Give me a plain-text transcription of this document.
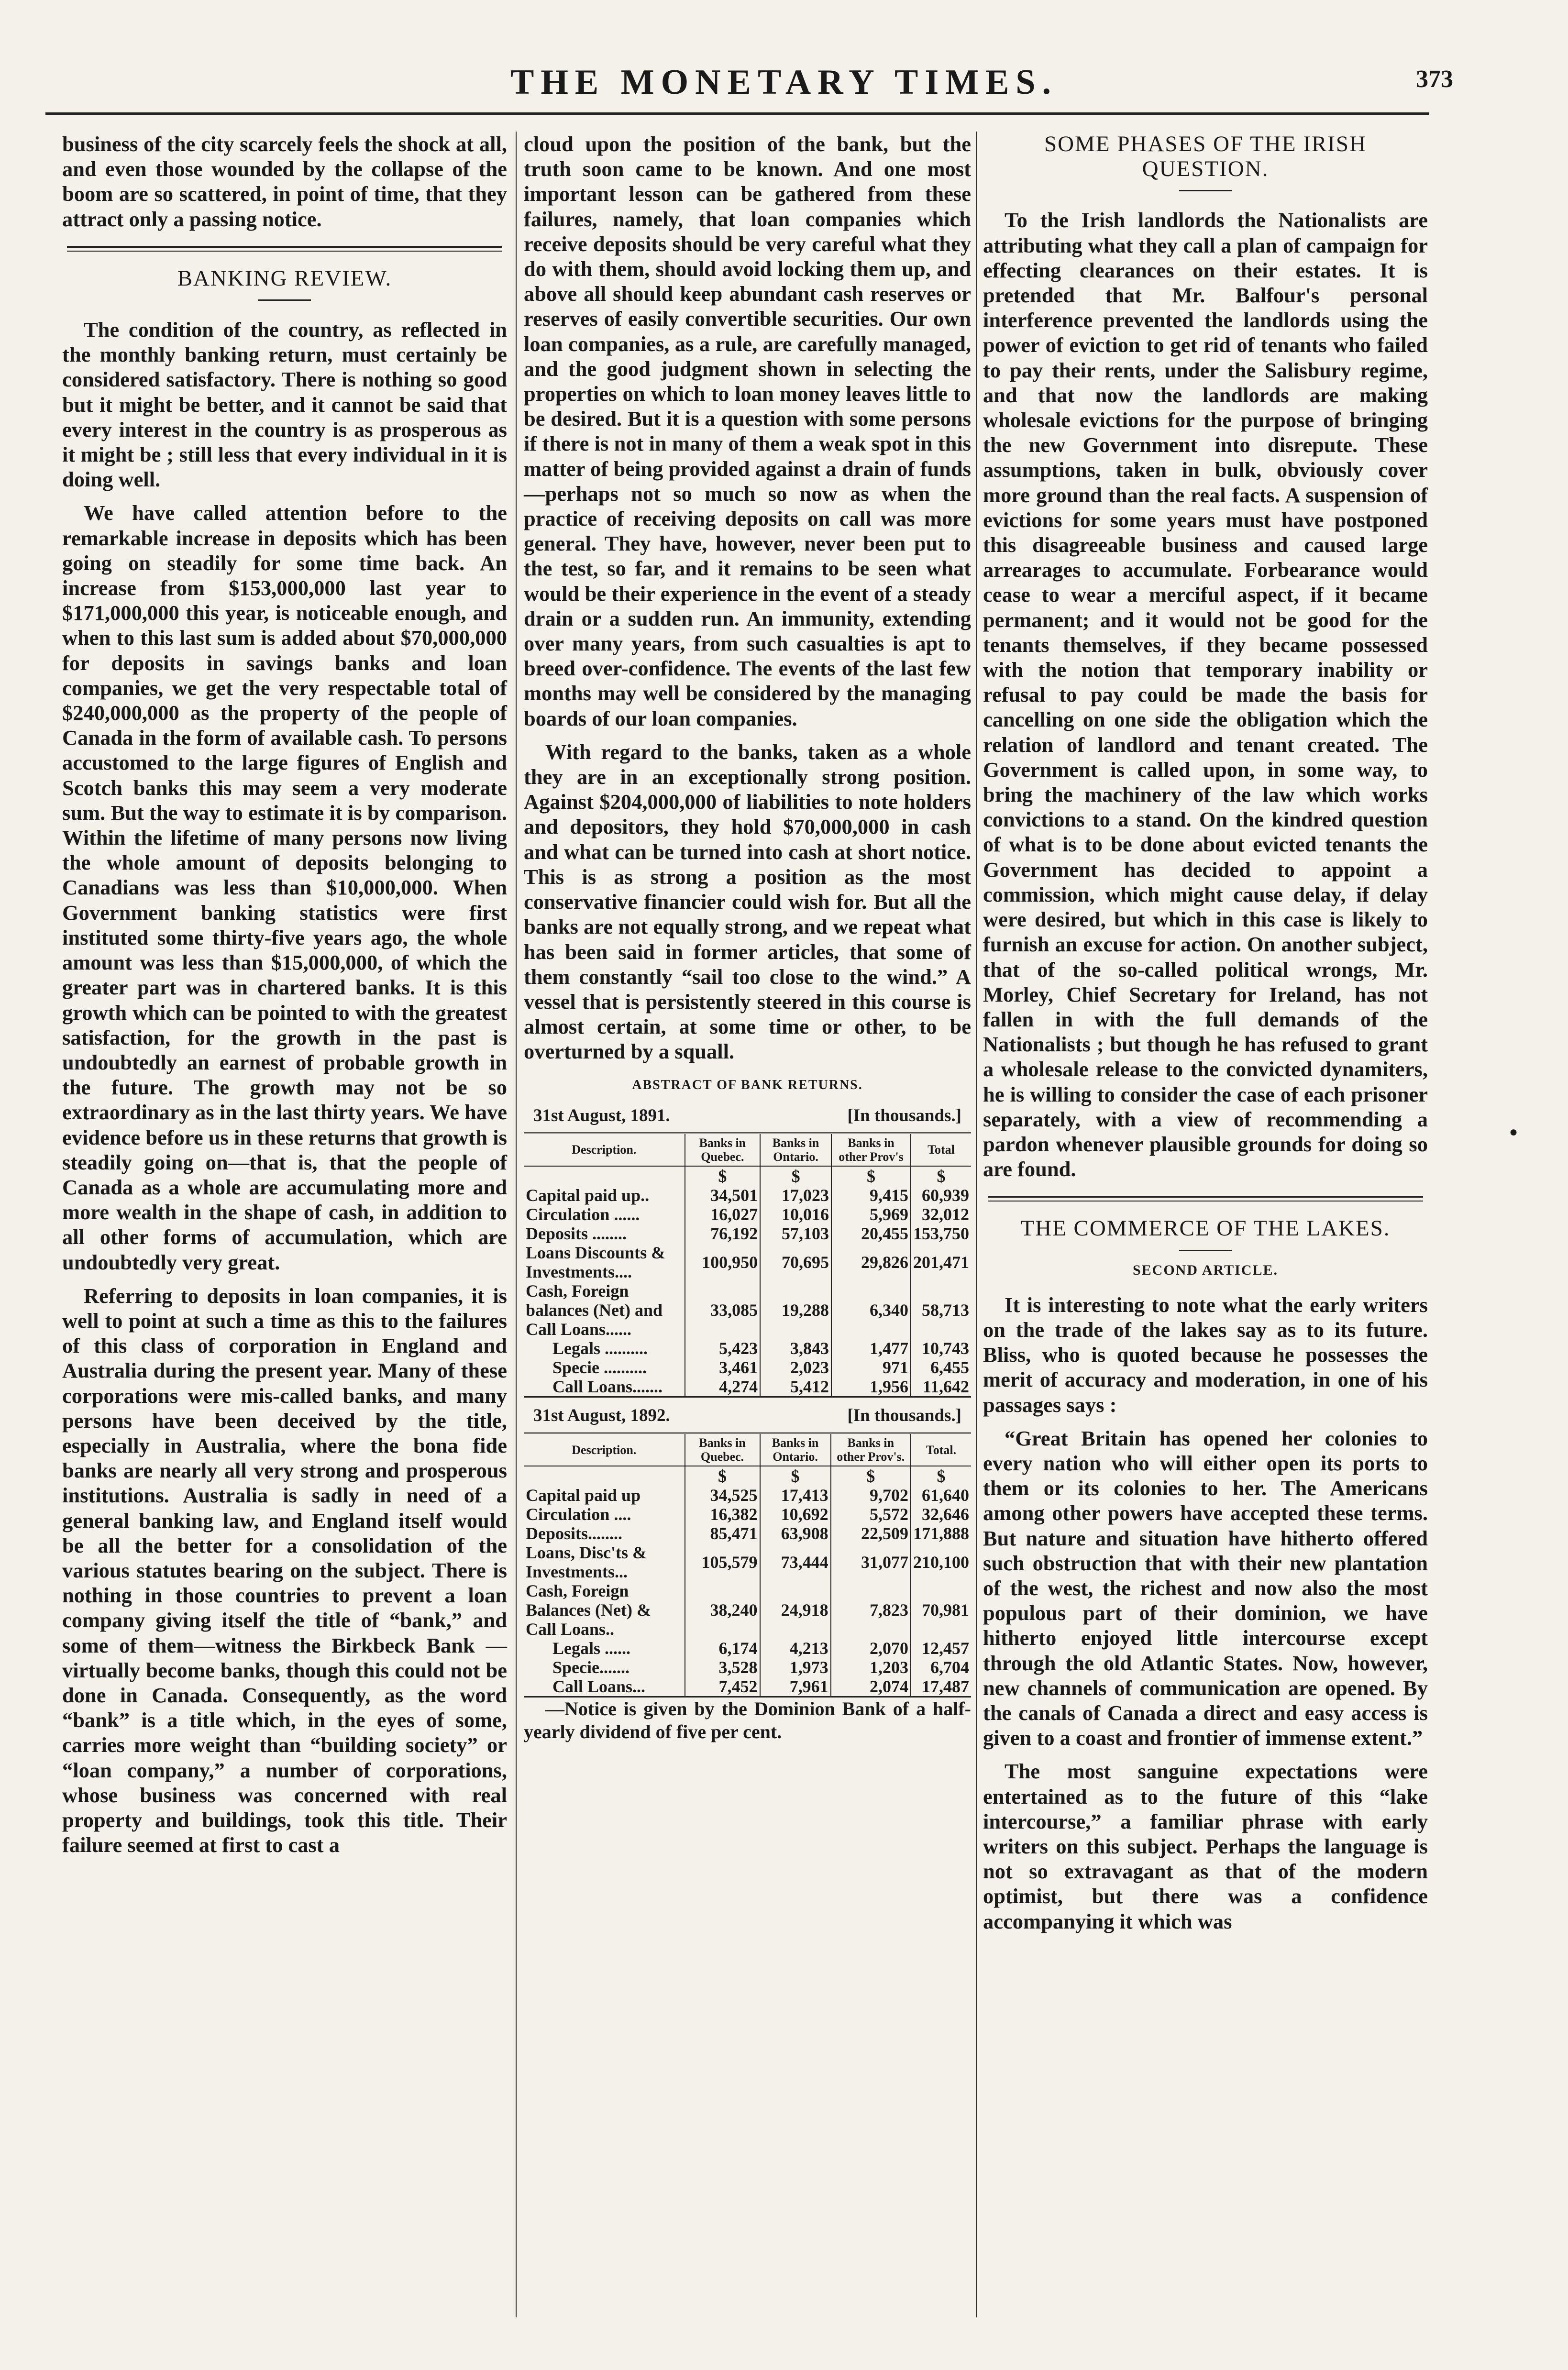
THE MONETARY TIMES.	373

business of the city scarcely feels the shock at all, and even those wounded by the collapse of the boom are so scattered, in point of time, that they attract only a passing notice.

BANKING REVIEW.

The condition of the country, as reflected in the monthly banking return, must certainly be considered satisfactory. There is nothing so good but it might be better, and it cannot be said that every interest in the country is as prosperous as it might be ; still less that every individual in it is doing well.

We have called attention before to the remarkable increase in deposits which has been going on steadily for some time back. An increase from $153,000,000 last year to $171,000,000 this year, is noticeable enough, and when to this last sum is added about $70,000,000 for deposits in savings banks and loan companies, we get the very respectable total of $240,000,000 as the property of the people of Canada in the form of available cash. To persons accustomed to the large figures of English and Scotch banks this may seem a very moderate sum. But the way to estimate it is by comparison. Within the lifetime of many persons now living the whole amount of deposits belonging to Canadians was less than $10,000,000. When Government banking statistics were first instituted some thirty-five years ago, the whole amount was less than $15,000,000, of which the greater part was in chartered banks. It is this growth which can be pointed to with the greatest satisfaction, for the growth in the past is undoubtedly an earnest of probable growth in the future. The growth may not be so extraordinary as in the last thirty years. We have evidence before us in these returns that growth is steadily going on—that is, that the people of Canada as a whole are accumulating more and more wealth in the shape of cash, in addition to all other forms of accumulation, which are undoubtedly very great.

Referring to deposits in loan companies, it is well to point at such a time as this to the failures of this class of corporation in England and Australia during the present year. Many of these corporations were mis-called banks, and many persons have been deceived by the title, especially in Australia, where the bona fide banks are nearly all very strong and prosperous institutions. Australia is sadly in need of a general banking law, and England itself would be all the better for a consolidation of the various statutes bearing on the subject. There is nothing in those countries to prevent a loan company giving itself the title of “bank,” and some of them—witness the Birkbeck Bank —virtually become banks, though this could not be done in Canada. Consequently, as the word “bank” is a title which, in the eyes of some, carries more weight than “building society” or “loan company,” a number of corporations, whose business was concerned with real property and buildings, took this title. Their failure seemed at first to cast a

cloud upon the position of the bank, but the truth soon came to be known. And one most important lesson can be gathered from these failures, namely, that loan companies which receive deposits should be very careful what they do with them, should avoid locking them up, and above all should keep abundant cash reserves or reserves of easily convertible securities. Our own loan companies, as a rule, are carefully managed, and the good judgment shown in selecting the properties on which to loan money leaves little to be desired. But it is a question with some persons if there is not in many of them a weak spot in this matter of being provided against a drain of funds—perhaps not so much so now as when the practice of receiving deposits on call was more general. They have, however, never been put to the test, so far, and it remains to be seen what would be their experience in the event of a steady drain or a sudden run. An immunity, extending over many years, from such casualties is apt to breed over-confidence. The events of the last few months may well be considered by the managing boards of our loan companies.

With regard to the banks, taken as a whole they are in an exceptionally strong position. Against $204,000,000 of liabilities to note holders and depositors, they hold $70,000,000 in cash and what can be turned into cash at short notice. This is as strong a position as the most conservative financier could wish for. But all the banks are not equally strong, and we repeat what has been said in former articles, that some of them constantly “sail too close to the wind.” A vessel that is persistently steered in this course is almost certain, at some time or other, to be overturned by a squall.

ABSTRACT OF BANK RETURNS.
31st August, 1891.	[In thousands.]
Description.	Banks in Quebec.	Banks in Ontario.	Banks in other Prov's	Total
	$	$	$	$
Capital paid up..	34,501	17,023	9,415	60,939
Circulation ......	16,027	10,016	5,969	32,012
Deposits ........	76,192	57,103	20,455	153,750
Loans Discounts & Investments....	100,950	70,695	29,826	201,471
Cash, Foreign balances (Net) and Call Loans......	33,085	19,288	6,340	58,713
Legals ..........	5,423	3,843	1,477	10,743
Specie ..........	3,461	2,023	971	6,455
Call Loans.......	4,274	5,412	1,956	11,642
31st August, 1892.	[In thousands.]
Description.	Banks in Quebec.	Banks in Ontario.	Banks in other Prov's.	Total.
	$	$	$	$
Capital paid up	34,525	17,413	9,702	61,640
Circulation ....	16,382	10,692	5,572	32,646
Deposits........	85,471	63,908	22,509	171,888
Loans, Disc'ts & Investments...	105,579	73,444	31,077	210,100
Cash, Foreign Balances (Net) & Call Loans..	38,240	24,918	7,823	70,981
Legals ......	6,174	4,213	2,070	12,457
Specie.......	3,528	1,973	1,203	6,704
Call Loans...	7,452	7,961	2,074	17,487

—Notice is given by the Dominion Bank of a half-yearly dividend of five per cent.

SOME PHASES OF THE IRISH QUESTION.

To the Irish landlords the Nationalists are attributing what they call a plan of campaign for effecting clearances on their estates. It is pretended that Mr. Balfour's personal interference prevented the landlords using the power of eviction to get rid of tenants who failed to pay their rents, under the Salisbury regime, and that now the landlords are making wholesale evictions for the purpose of bringing the new Government into disrepute. These assumptions, taken in bulk, obviously cover more ground than the real facts. A suspension of evictions for some years must have postponed this disagreeable business and caused large arrearages to accumulate. Forbearance would cease to wear a merciful aspect, if it became permanent; and it would not be good for the tenants themselves, if they became possessed with the notion that temporary inability or refusal to pay could be made the basis for cancelling on one side the obligation which the relation of landlord and tenant created. The Government is called upon, in some way, to bring the machinery of the law which works convictions to a stand. On the kindred question of what is to be done about evicted tenants the Government has decided to appoint a commission, which might cause delay, if delay were desired, but which in this case is likely to furnish an excuse for action. On another subject, that of the so-called political wrongs, Mr. Morley, Chief Secretary for Ireland, has not fallen in with the full demands of the Nationalists ; but though he has refused to grant a wholesale release to the convicted dynamiters, he is willing to consider the case of each prisoner separately, with a view of recommending a pardon whenever plausible grounds for doing so are found.

THE COMMERCE OF THE LAKES.
SECOND ARTICLE.

It is interesting to note what the early writers on the trade of the lakes say as to its future. Bliss, who is quoted because he possesses the merit of accuracy and moderation, in one of his passages says :

“Great Britain has opened her colonies to every nation who will either open its ports to them or its colonies to her. The Americans among other powers have accepted these terms. But nature and situation have hitherto offered such obstruction that with their new plantation of the west, the richest and now also the most populous part of their dominion, we have hitherto enjoyed little intercourse except through the old Atlantic States. Now, however, new channels of communication are opened. By the canals of Canada a direct and easy access is given to a coast and frontier of immense extent.”

The most sanguine expectations were entertained as to the future of this “lake intercourse,” a familiar phrase with early writers on this subject. Perhaps the language is not so extravagant as that of the modern optimist, but there was a confidence accompanying it which was

●
